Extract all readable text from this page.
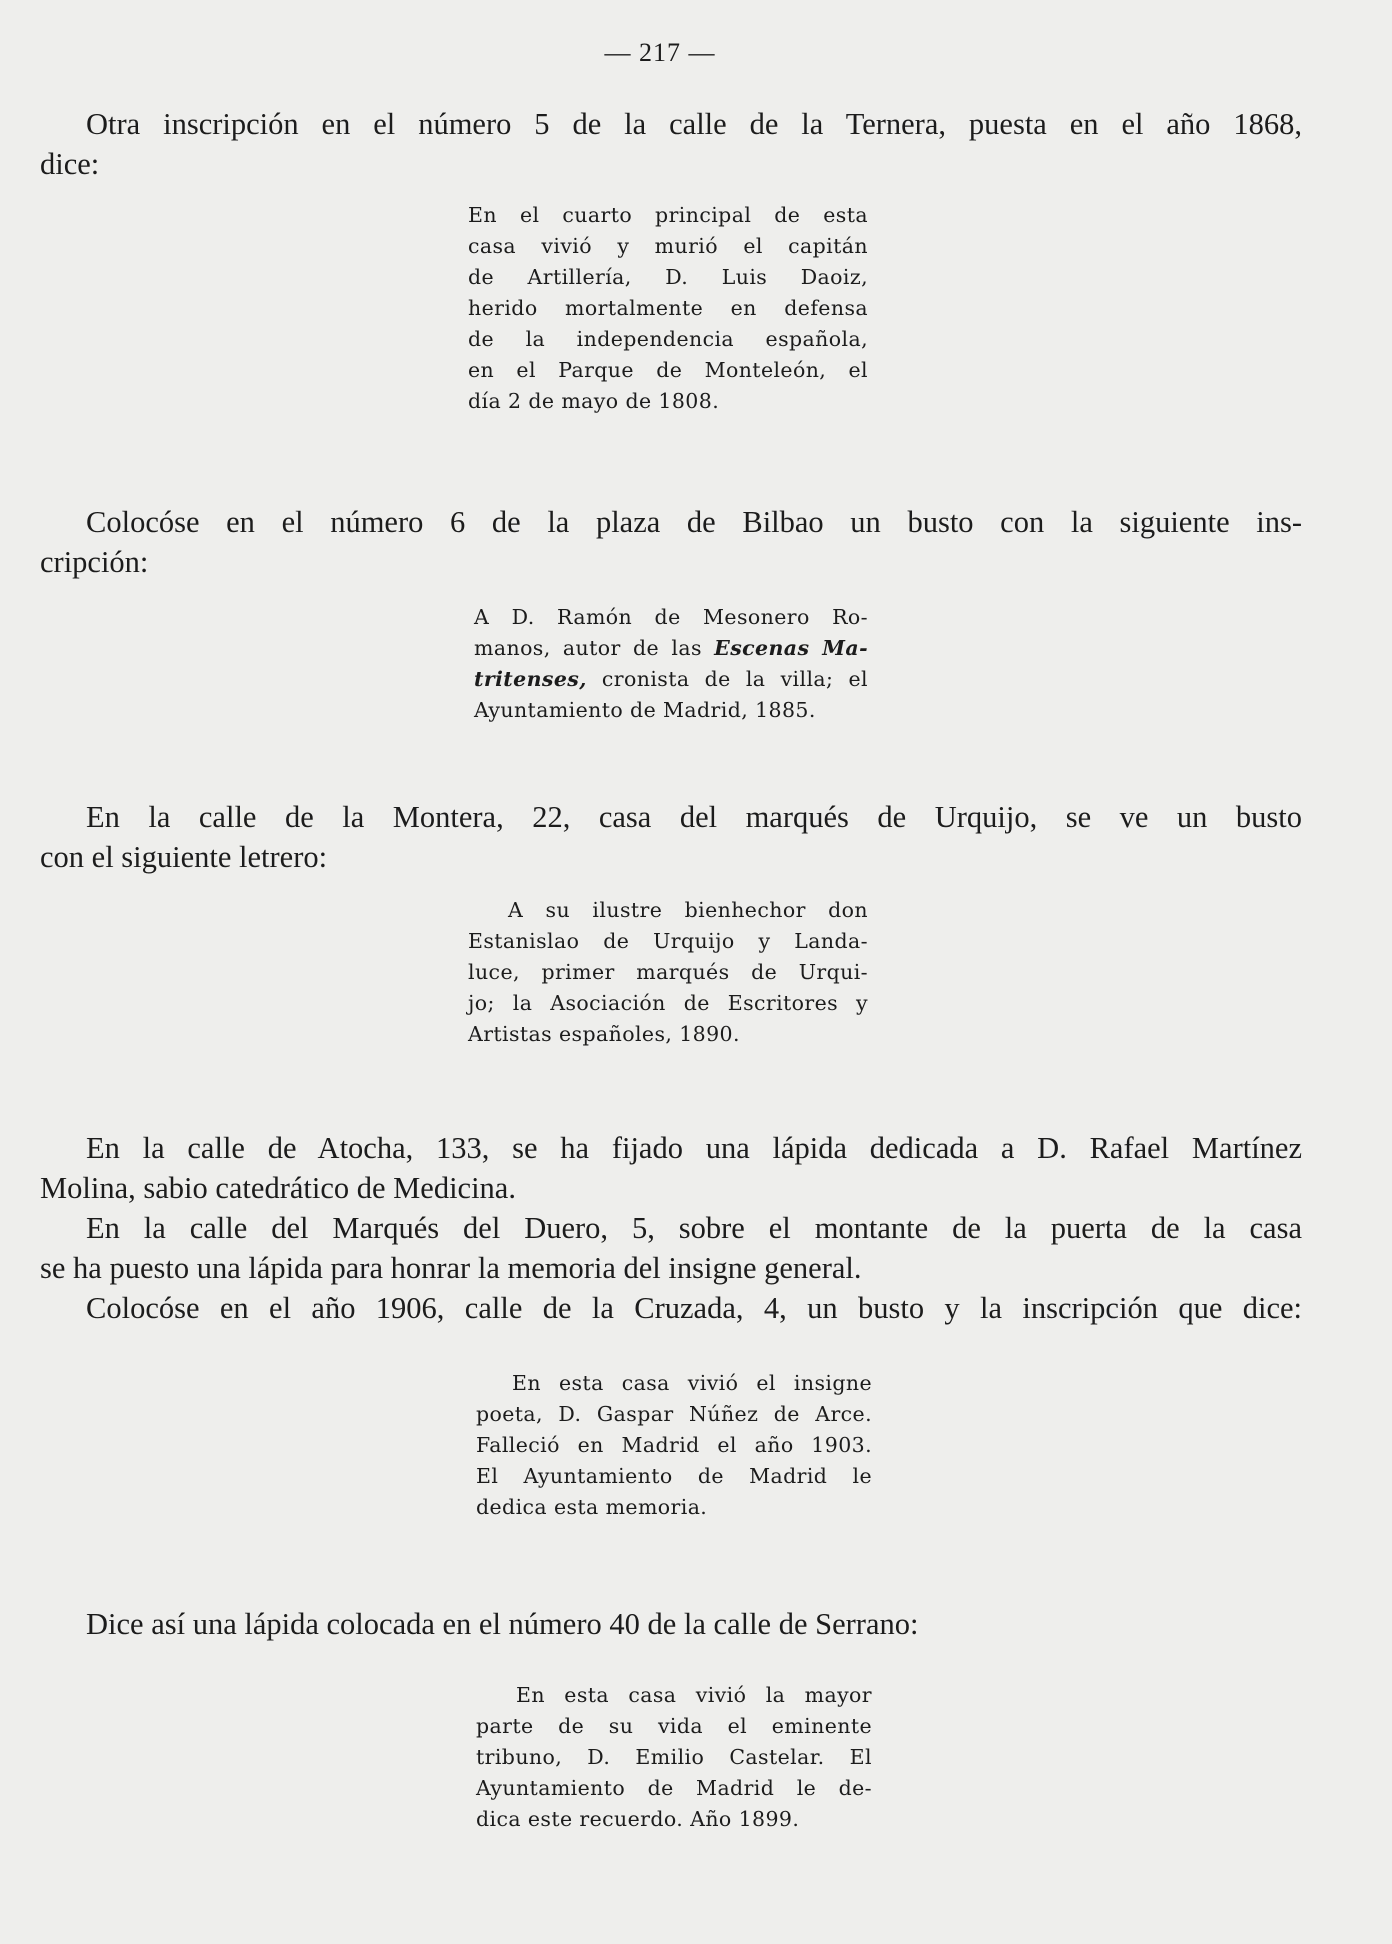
— 217 —
Otra inscripción en el número 5 de la calle de la Ternera, puesta en el año 1868,
dice:
En el cuarto principal de esta
casa vivió y murió el capitán
de Artillería, D. Luis Daoiz,
herido mortalmente en defensa
de la independencia española,
en el Parque de Monteleón, el
día 2 de mayo de 1808.
Colocóse en el número 6 de la plaza de Bilbao un busto con la siguiente ins-
cripción:
A D. Ramón de Mesonero Ro-
manos, autor de las Escenas Ma-
tritenses, cronista de la villa; el
Ayuntamiento de Madrid, 1885.
En la calle de la Montera, 22, casa del marqués de Urquijo, se ve un busto
con el siguiente letrero:
A su ilustre bienhechor don
Estanislao de Urquijo y Landa-
luce, primer marqués de Urqui-
jo; la Asociación de Escritores y
Artistas españoles, 1890.
En la calle de Atocha, 133, se ha fijado una lápida dedicada a D. Rafael Martínez
Molina, sabio catedrático de Medicina.
En la calle del Marqués del Duero, 5, sobre el montante de la puerta de la casa
se ha puesto una lápida para honrar la memoria del insigne general.
Colocóse en el año 1906, calle de la Cruzada, 4, un busto y la inscripción que dice:
En esta casa vivió el insigne
poeta, D. Gaspar Núñez de Arce.
Falleció en Madrid el año 1903.
El Ayuntamiento de Madrid le
dedica esta memoria.
Dice así una lápida colocada en el número 40 de la calle de Serrano:
En esta casa vivió la mayor
parte de su vida el eminente
tribuno, D. Emilio Castelar. El
Ayuntamiento de Madrid le de-
dica este recuerdo. Año 1899.
